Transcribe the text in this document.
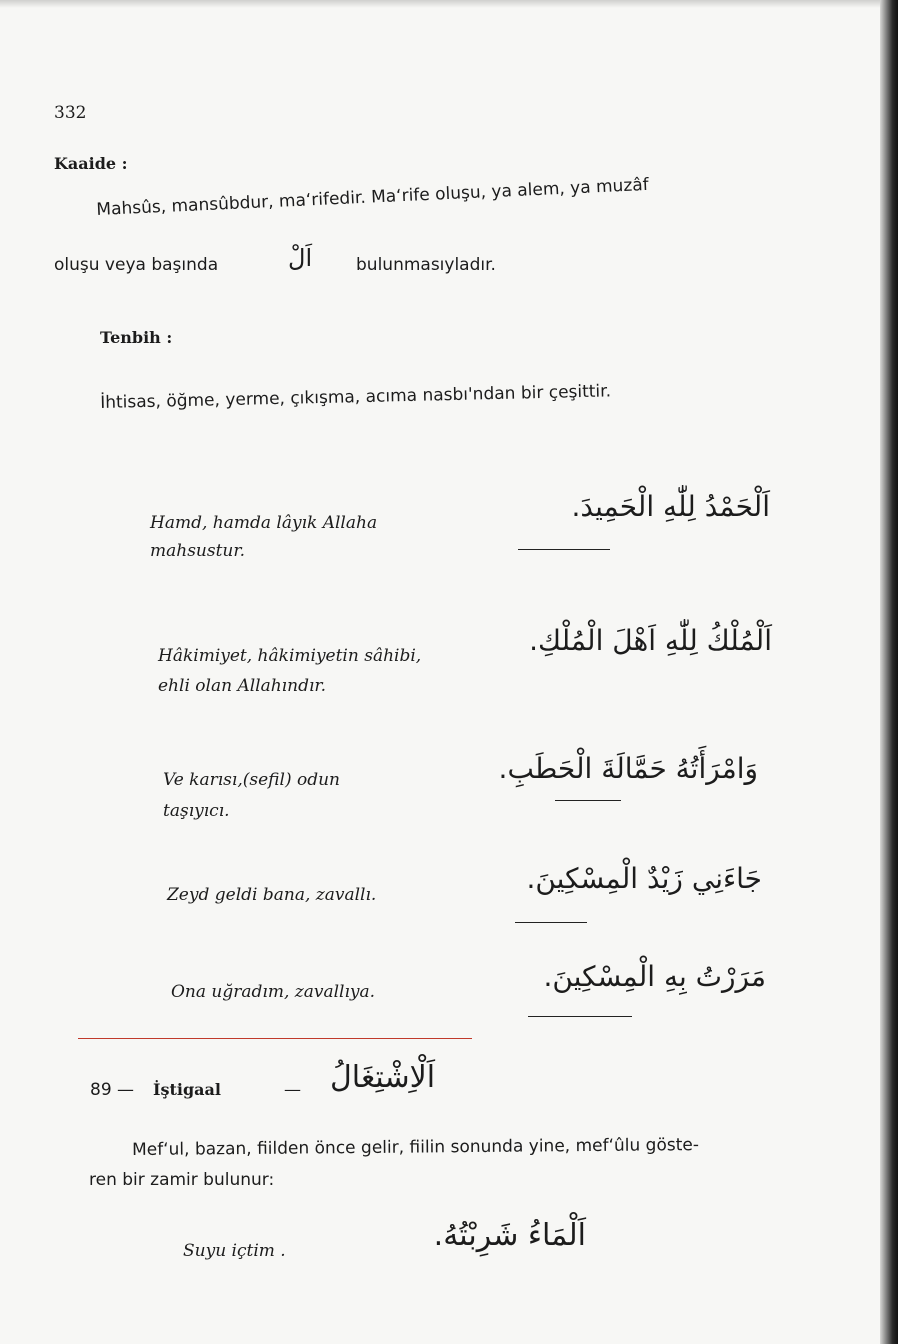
332
Kaaide :
Mahsûs, mansûbdur, ma‘rifedir. Ma‘rife oluşu, ya alem, ya muzâf
oluşu veya başında	اَلْ	bulunmasıyladır.
Tenbih :
İhtisas, öğme, yerme, çıkışma, acıma nasbı'ndan bir çeşittir.
Hamd, hamda lâyık Allaha
mahsustur.
اَلْحَمْدُ لِلّٰهِ الْحَمِيدَ.
Hâkimiyet, hâkimiyetin sâhibi,
ehli olan Allahındır.
اَلْمُلْكُ لِلّٰهِ اَهْلَ الْمُلْكِ.
Ve karısı,(sefil) odun
taşıyıcı.
وَامْرَأَتُهُ حَمَّالَةَ الْحَطَبِ.
Zeyd geldi bana, zavallı.	جَاءَنِي زَيْدٌ الْمِسْكِينَ.
Ona uğradım, zavallıya.	مَرَرْتُ بِهِ الْمِسْكِينَ.
89 — İştigaal	— اَلْاِشْتِغَالُ
Mef‘ul, bazan, fiilden önce gelir, fiilin sonunda yine, mef‘ûlu göste-
ren bir zamir bulunur:
Suyu içtim .	اَلْمَاءُ شَرِبْتُهُ.
